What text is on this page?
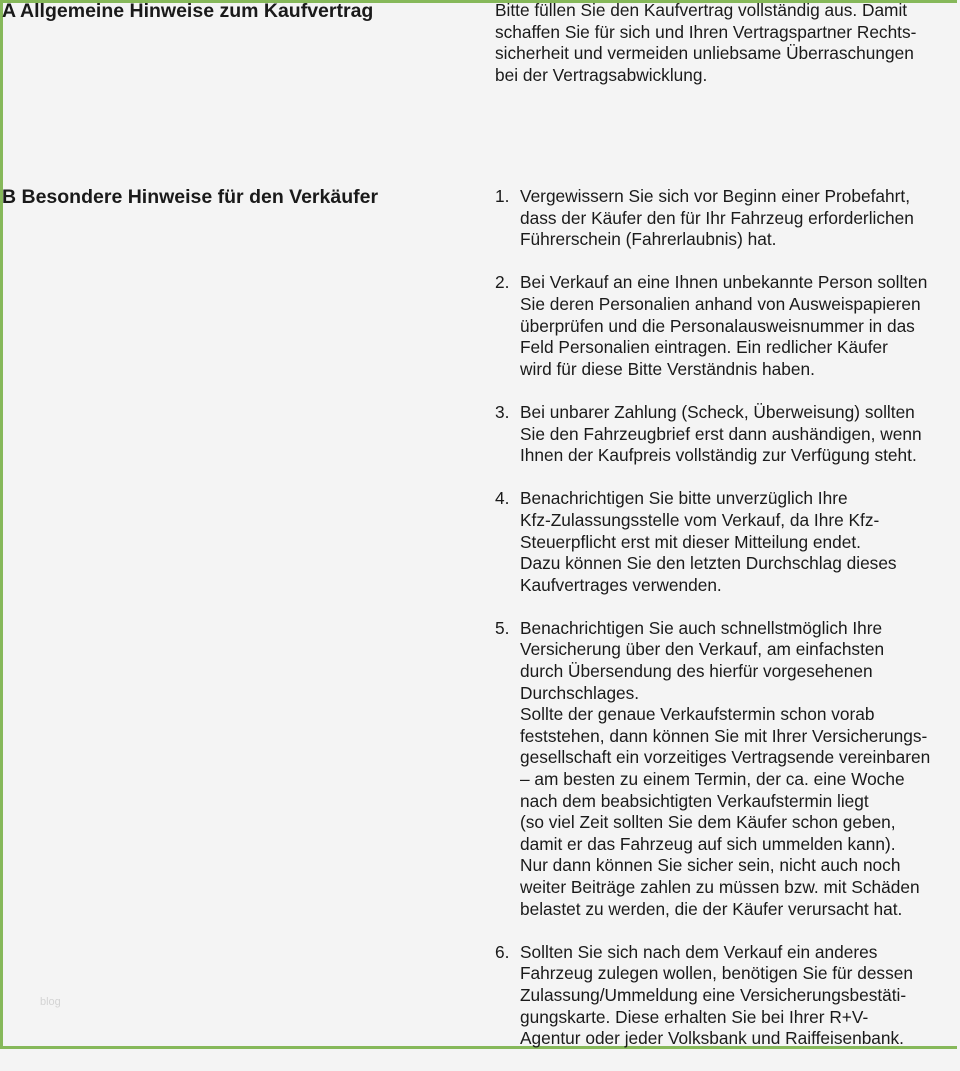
A Allgemeine Hinweise zum Kaufvertrag	Bitte füllen Sie den Kaufvertrag vollständig aus. Damit
schaffen Sie für sich und Ihren Vertragspartner Rechts-
sicherheit und vermeiden unliebsame Überraschungen
bei der Vertragsabwicklung.
B Besondere Hinweise für den Verkäufer	1. Vergewissern Sie sich vor Beginn einer Probefahrt,
dass der Käufer den für Ihr Fahrzeug erforderlichen
Führerschein (Fahrerlaubnis) hat.
2. Bei Verkauf an eine Ihnen unbekannte Person sollten
Sie deren Personalien anhand von Ausweispapieren
überprüfen und die Personalausweisnummer in das
Feld Personalien eintragen. Ein redlicher Käufer
wird für diese Bitte Verständnis haben.
3. Bei unbarer Zahlung (Scheck, Überweisung) sollten
Sie den Fahrzeugbrief erst dann aushändigen, wenn
Ihnen der Kaufpreis vollständig zur Verfügung steht.
4. Benachrichtigen Sie bitte unverzüglich Ihre
Kfz-Zulassungsstelle vom Verkauf, da Ihre Kfz-
Steuerpflicht erst mit dieser Mitteilung endet.
Dazu können Sie den letzten Durchschlag dieses
Kaufvertrages verwenden.
5. Benachrichtigen Sie auch schnellstmöglich Ihre
Versicherung über den Verkauf, am einfachsten
durch Übersendung des hierfür vorgesehenen
Durchschlages.
Sollte der genaue Verkaufstermin schon vorab
feststehen, dann können Sie mit Ihrer Versicherungs-
gesellschaft ein vorzeitiges Vertragsende vereinbaren
– am besten zu einem Termin, der ca. eine Woche
nach dem beabsichtigten Verkaufstermin liegt
(so viel Zeit sollten Sie dem Käufer schon geben,
damit er das Fahrzeug auf sich ummelden kann).
Nur dann können Sie sicher sein, nicht auch noch
weiter Beiträge zahlen zu müssen bzw. mit Schäden
belastet zu werden, die der Käufer verursacht hat.
6. Sollten Sie sich nach dem Verkauf ein anderes
Fahrzeug zulegen wollen, benötigen Sie für dessen
Zulassung/Ummeldung eine Versicherungsbestäti-
gungskarte. Diese erhalten Sie bei Ihrer R+V-
Agentur oder jeder Volksbank und Raiffeisenbank.
blog
